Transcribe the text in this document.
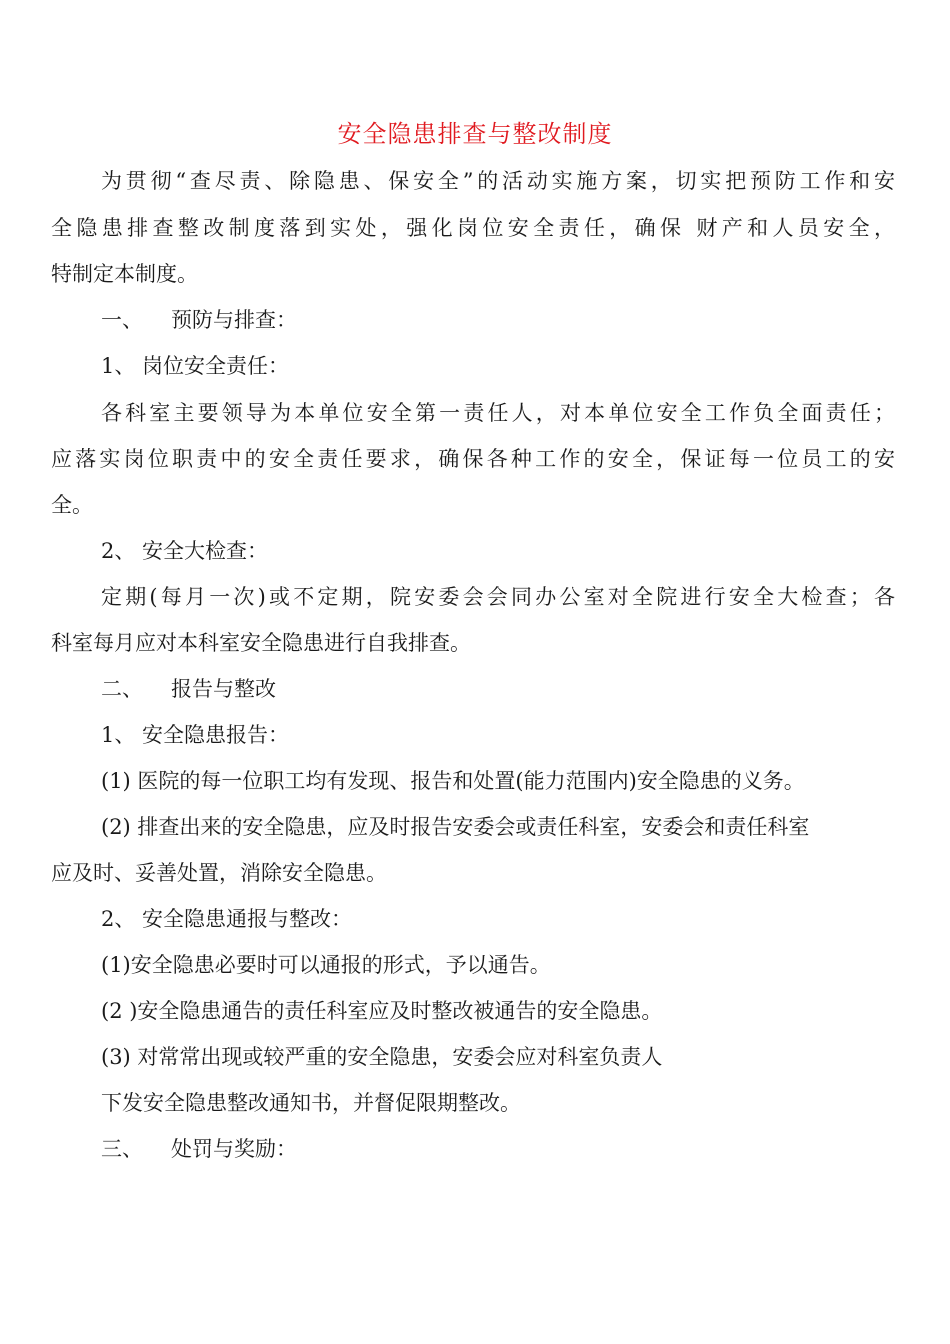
安全隐患排查与整改制度
为贯彻“查尽责、除隐患、保安全”的活动实施方案，切实把预防工作和安
全隐患排查整改制度落到实处，强化岗位安全责任，确保 财产和人员安全，
特制定本制度。
一、 预防与排查：
1、 岗位安全责任：
各科室主要领导为本单位安全第一责任人，对本单位安全工作负全面责任；
应落实岗位职责中的安全责任要求，确保各种工作的安全，保证每一位员工的安
全。
2、 安全大检查：
定期(每月一次)或不定期，院安委会会同办公室对全院进行安全大检查；各
科室每月应对本科室安全隐患进行自我排查。
二、 报告与整改
1、 安全隐患报告：
(1) 医院的每一位职工均有发现、报告和处置(能力范围内)安全隐患的义务。
(2) 排查出来的安全隐患，应及时报告安委会或责任科室，安委会和责任科室
应及时、妥善处置，消除安全隐患。
2、 安全隐患通报与整改：
(1)安全隐患必要时可以通报的形式，予以通告。
(2 )安全隐患通告的责任科室应及时整改被通告的安全隐患。
(3) 对常常出现或较严重的安全隐患，安委会应对科室负责人
下发安全隐患整改通知书，并督促限期整改。
三、 处罚与奖励：
